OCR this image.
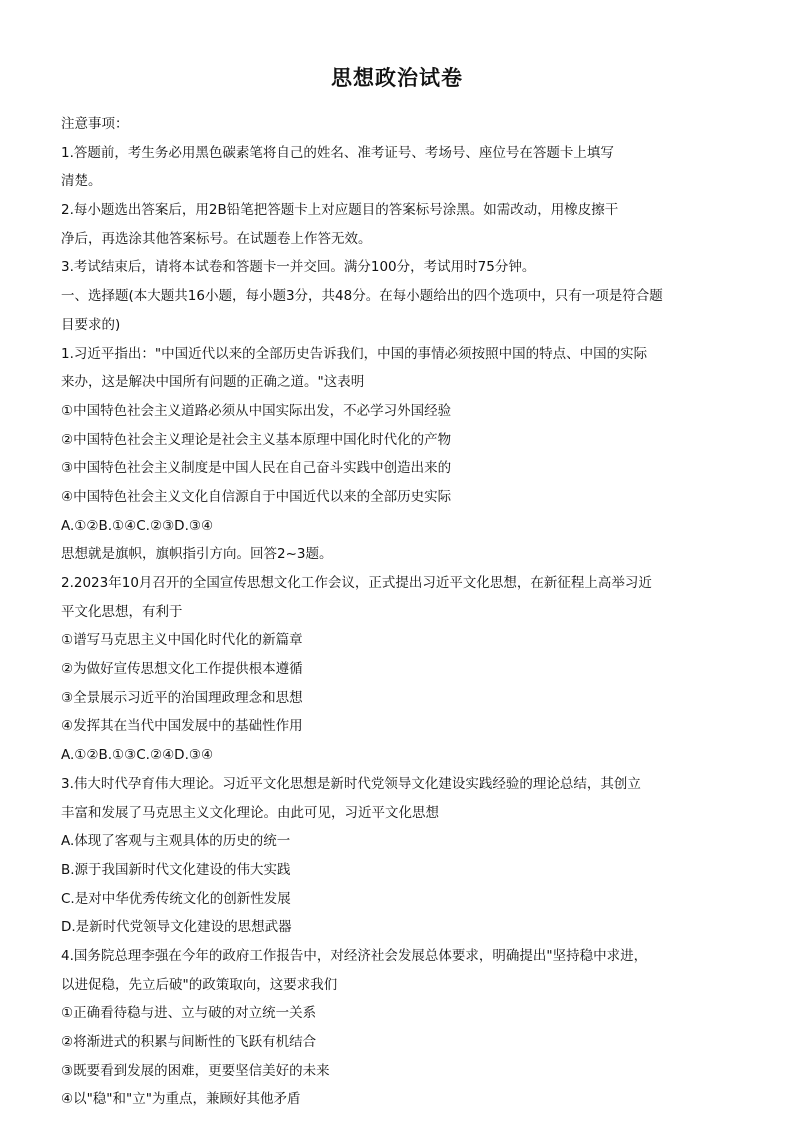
思想政治试卷
注意事项：
1.答题前，考生务必用黑色碳素笔将自己的姓名、准考证号、考场号、座位号在答题卡上填写
清楚。
2.每小题选出答案后，用2B铅笔把答题卡上对应题目的答案标号涂黑。如需改动，用橡皮擦干
净后，再选涂其他答案标号。在试题卷上作答无效。
3.考试结束后，请将本试卷和答题卡一并交回。满分100分，考试用时75分钟。
一、选择题(本大题共16小题，每小题3分，共48分。在每小题给出的四个选项中，只有一项是符合题
目要求的)
1.习近平指出："中国近代以来的全部历史告诉我们，中国的事情必须按照中国的特点、中国的实际
来办，这是解决中国所有问题的正确之道。"这表明
①中国特色社会主义道路必须从中国实际出发，不必学习外国经验
②中国特色社会主义理论是社会主义基本原理中国化时代化的产物
③中国特色社会主义制度是中国人民在自己奋斗实践中创造出来的
④中国特色社会主义文化自信源自于中国近代以来的全部历史实际
A.①②B.①④C.②③D.③④
思想就是旗帜，旗帜指引方向。回答2~3题。
2.2023年10月召开的全国宣传思想文化工作会议，正式提出习近平文化思想，在新征程上高举习近
平文化思想，有利于
①谱写马克思主义中国化时代化的新篇章
②为做好宣传思想文化工作提供根本遵循
③全景展示习近平的治国理政理念和思想
④发挥其在当代中国发展中的基础性作用
A.①②B.①③C.②④D.③④
3.伟大时代孕育伟大理论。习近平文化思想是新时代党领导文化建设实践经验的理论总结，其创立
丰富和发展了马克思主义文化理论。由此可见，习近平文化思想
A.体现了客观与主观具体的历史的统一
B.源于我国新时代文化建设的伟大实践
C.是对中华优秀传统文化的创新性发展
D.是新时代党领导文化建设的思想武器
4.国务院总理李强在今年的政府工作报告中，对经济社会发展总体要求，明确提出"坚持稳中求进，
以进促稳，先立后破"的政策取向，这要求我们
①正确看待稳与进、立与破的对立统一关系
②将渐进式的积累与间断性的飞跃有机结合
③既要看到发展的困难，更要坚信美好的未来
④以"稳"和"立"为重点，兼顾好其他矛盾
